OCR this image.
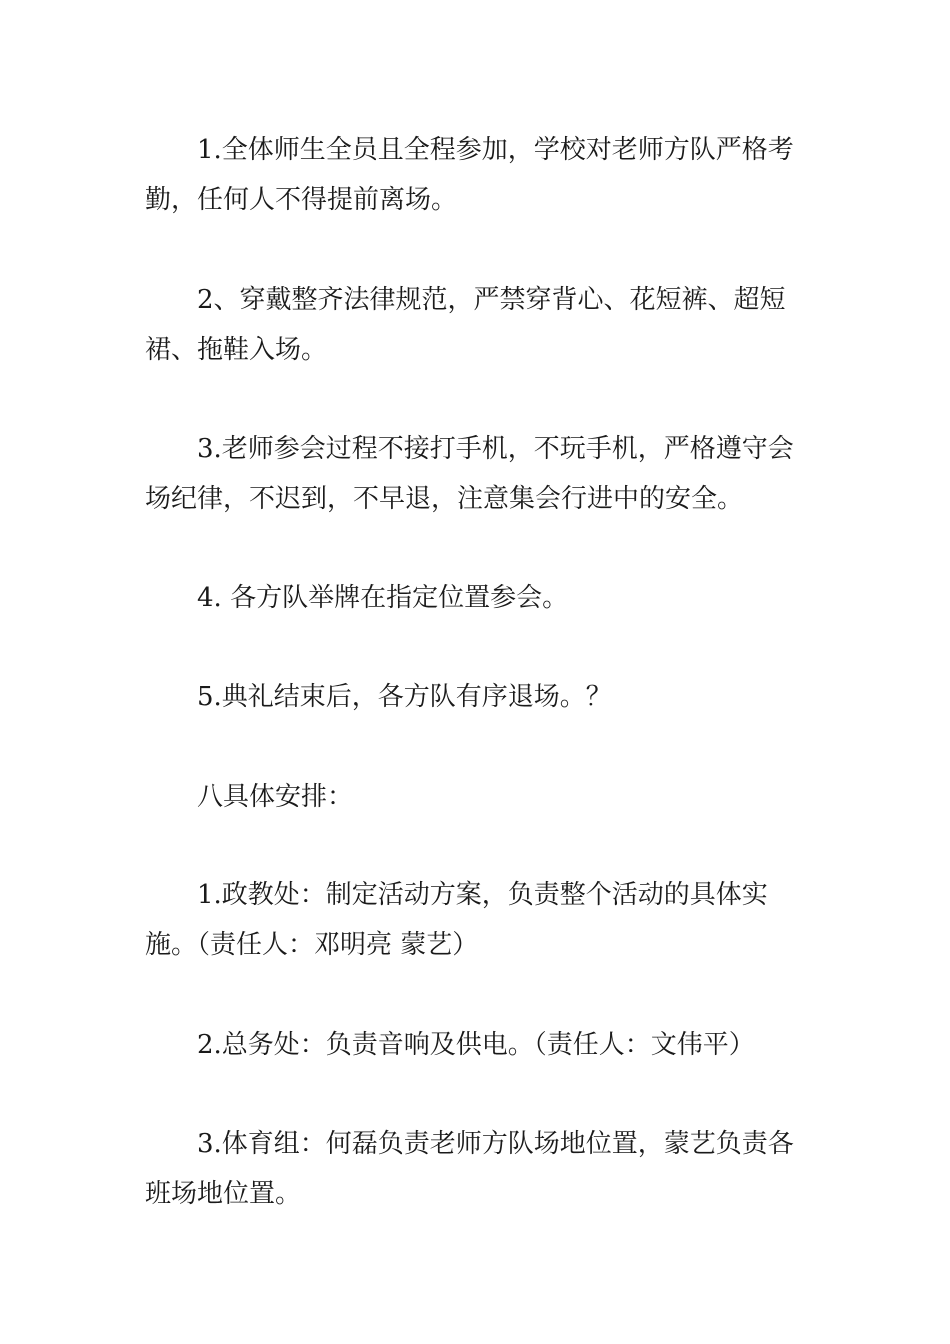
1.全体师生全员且全程参加，学校对老师方队严格考勤，任何人不得提前离场。

2、穿戴整齐法律规范，严禁穿背心、花短裤、超短裙、拖鞋入场。

3.老师参会过程不接打手机，不玩手机，严格遵守会场纪律，不迟到，不早退，注意集会行进中的安全。

4. 各方队举牌在指定位置参会。

5.典礼结束后，各方队有序退场。？

八具体安排：

1.政教处：制定活动方案，负责整个活动的具体实施。（责任人：邓明亮 蒙艺）

2.总务处：负责音响及供电。（责任人：文伟平）

3.体育组：何磊负责老师方队场地位置，蒙艺负责各班场地位置。
